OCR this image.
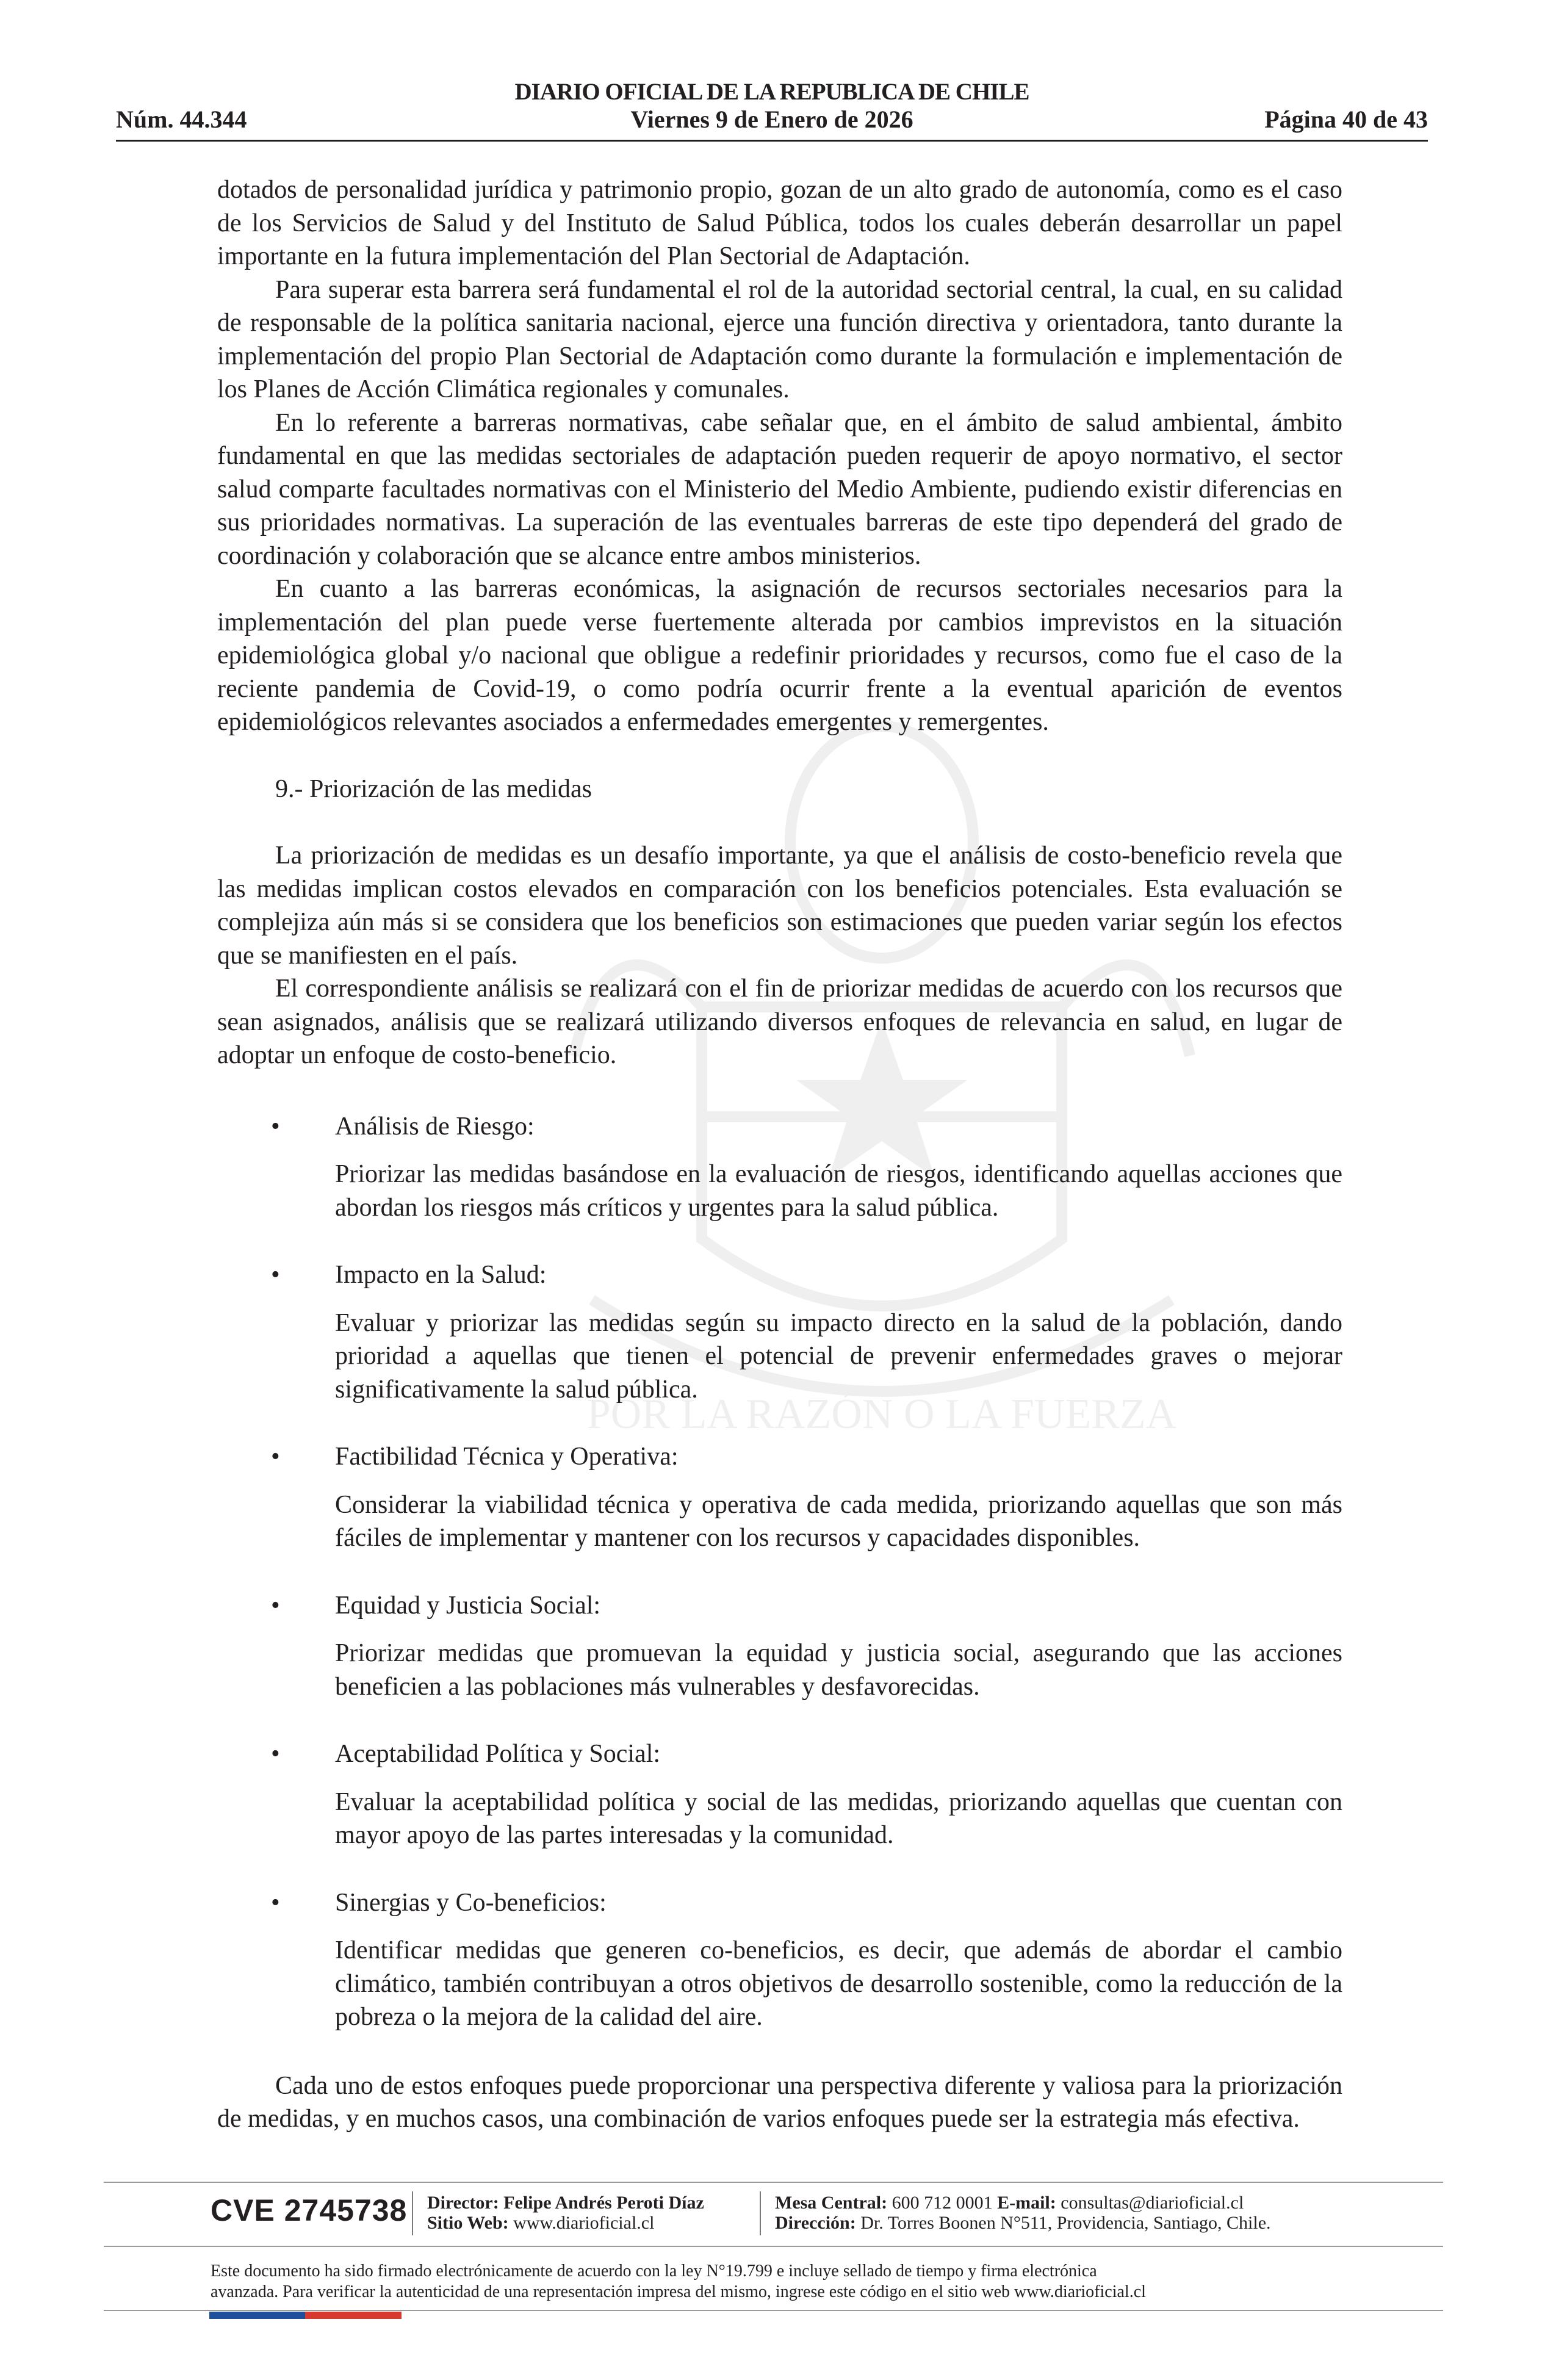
DIARIO OFICIAL DE LA REPUBLICA DE CHILE
Núm. 44.344	Viernes 9 de Enero de 2026	Página 40 de 43
POR LA RAZÓN O LA FUERZA

dotados de personalidad jurídica y patrimonio propio, gozan de un alto grado de autonomía, como es el caso de los Servicios de Salud y del Instituto de Salud Pública, todos los cuales deberán desarrollar un papel importante en la futura implementación del Plan Sectorial de Adaptación.

Para superar esta barrera será fundamental el rol de la autoridad sectorial central, la cual, en su calidad de responsable de la política sanitaria nacional, ejerce una función directiva y orientadora, tanto durante la implementación del propio Plan Sectorial de Adaptación como durante la formulación e implementación de los Planes de Acción Climática regionales y comunales.

En lo referente a barreras normativas, cabe señalar que, en el ámbito de salud ambiental, ámbito fundamental en que las medidas sectoriales de adaptación pueden requerir de apoyo normativo, el sector salud comparte facultades normativas con el Ministerio del Medio Ambiente, pudiendo existir diferencias en sus prioridades normativas. La superación de las eventuales barreras de este tipo dependerá del grado de coordinación y colaboración que se alcance entre ambos ministerios.

En cuanto a las barreras económicas, la asignación de recursos sectoriales necesarios para la implementación del plan puede verse fuertemente alterada por cambios imprevistos en la situación epidemiológica global y/o nacional que obligue a redefinir prioridades y recursos, como fue el caso de la reciente pandemia de Covid-19, o como podría ocurrir frente a la eventual aparición de eventos epidemiológicos relevantes asociados a enfermedades emergentes y remergentes.

9.- Priorización de las medidas

La priorización de medidas es un desafío importante, ya que el análisis de costo-beneficio revela que las medidas implican costos elevados en comparación con los beneficios potenciales. Esta evaluación se complejiza aún más si se considera que los beneficios son estimaciones que pueden variar según los efectos que se manifiesten en el país.

El correspondiente análisis se realizará con el fin de priorizar medidas de acuerdo con los recursos que sean asignados, análisis que se realizará utilizando diversos enfoques de relevancia en salud, en lugar de adoptar un enfoque de costo-beneficio.

• Análisis de Riesgo:

Priorizar las medidas basándose en la evaluación de riesgos, identificando aquellas acciones que abordan los riesgos más críticos y urgentes para la salud pública.

• Impacto en la Salud:

Evaluar y priorizar las medidas según su impacto directo en la salud de la población, dando prioridad a aquellas que tienen el potencial de prevenir enfermedades graves o mejorar significativamente la salud pública.

• Factibilidad Técnica y Operativa:

Considerar la viabilidad técnica y operativa de cada medida, priorizando aquellas que son más fáciles de implementar y mantener con los recursos y capacidades disponibles.

• Equidad y Justicia Social:

Priorizar medidas que promuevan la equidad y justicia social, asegurando que las acciones beneficien a las poblaciones más vulnerables y desfavorecidas.

• Aceptabilidad Política y Social:

Evaluar la aceptabilidad política y social de las medidas, priorizando aquellas que cuentan con mayor apoyo de las partes interesadas y la comunidad.

• Sinergias y Co-beneficios:

Identificar medidas que generen co-beneficios, es decir, que además de abordar el cambio climático, también contribuyan a otros objetivos de desarrollo sostenible, como la reducción de la pobreza o la mejora de la calidad del aire.

Cada uno de estos enfoques puede proporcionar una perspectiva diferente y valiosa para la priorización de medidas, y en muchos casos, una combinación de varios enfoques puede ser la estrategia más efectiva.

CVE 2745738 Director: Felipe Andrés Peroti Díaz
Sitio Web: www.diarioficial.cl
Mesa Central: 600 712 0001 E-mail: consultas@diarioficial.cl
Dirección: Dr. Torres Boonen N°511, Providencia, Santiago, Chile.
Este documento ha sido firmado electrónicamente de acuerdo con la ley N°19.799 e incluye sellado de tiempo y firma electrónica
avanzada. Para verificar la autenticidad de una representación impresa del mismo, ingrese este código en el sitio web www.diarioficial.cl
